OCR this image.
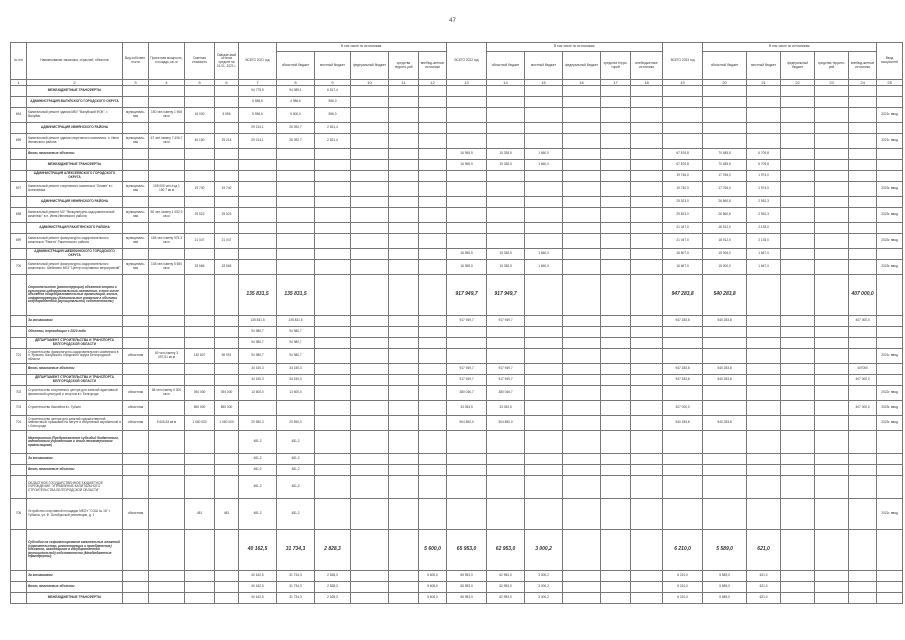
47
№ п/п	Наименование заказчика, отраслей, объектов	Вид собствен-ности	Проектная мощность, площадь, кв. м	Сметная стоимость	Ожидае-мый остаток средств на 01.01. 2021 г.	ВСЕГО 2021 год	В том числе по источникам:					ВСЕГО 2022 год	В том числе по источникам:					ВСЕГО 2023 год	В том числе по источникам:					Ввод мощностей
							областной бюджет	местный бюджет	федеральный бюджет	средства террито-рий	внебюд-жетные источники		областной бюджет	местный бюджет	федеральный бюджет	средства терри-торий	внебюджетные источники		областной бюджет	местный бюджет	федеральный бюджет	средства террито-рий	внебюд-жетные источники	
1	2	3	4	5	6	7	8	9	10	11	12	13	14	15	16	17	18	19	20	21	22	23	24	25
	МЕЖБЮДЖЕТНЫЕ ТРАНСФЕРТЫ					94 775,5	94 089,1	6 517,4																
	АДМИНИСТРАЦИЯ ВАЛУЙСКОГО ГОРОДСКОГО ОКРУГА					5 556,6	4 986,6	556,0																
694	Капитальный ремонт здания МБУ "Валуйский ФОК", г. Валуйки	муниципаль-ная	150 чел./смену 1 908 кв.м	16 000	5 556	5 556,6	5 000,0	556,0																2021г. ввод
	АДМИНИСТРАЦИЯ ИВНЯНСКОГО РАЙОНА					29 214,1	26 392,7	2 821,4																
695	Капитальный ремонт здания спортивного комплекса, п. Ивня Ивнянского района	муниципаль-ная	67 чел./смену 7 406,7 кв.м	40 150	29 214	29 214,1	26 392,7	2 821,4																2021г. ввод
	Вновь начинаемые объекты											16 955,5	15 338,5	1 660,0				67 876,8	70 485,5	6 709,8				
	МЕЖБЮДЖЕТНЫЕ ТРАНСФЕРТЫ											16 955,0	15 338,5	1 660,0				67 876,8	70 485,5	6 709,8				
	АДМИНИСТРАЦИЯ АЛЕКСЕЕВСКОГО ГОРОДСКОГО ОКРУГА																	19 746,0	17 766,0	1 974,0				
697	Капитальный ремонт спортивного комплекса "Олимп" в г. Алексеевка	муниципаль-ная	108 000 чел./год 1 150,7 кв.м	19 740	19 740													19 740,0	17 766,0	1 974,0				2023г. ввод
	АДМИНИСТРАЦИЯ ИВНЯНСКОГО РАЙОНА																	29 523,0	26 560,8	2 952,3				
698	Капитальный ремонт МУ "Физкультурно-оздоровительный комплекс" в п. Ивня Ивнянского района	муниципаль-ная	50 чел./смену 1 052,9 кв.м	29 523	29 523													29 523,0	26 560,8	2 952,3				2023г. ввод
	АДМИНИСТРАЦИЯ РАКИТЯНСКОГО РАЙОНА																	21 047,0	18 912,0	2 135,0				
699	Капитальный ремонт физкультурно-оздоровительного комплекса "Ракета" Ракитянского района	муниципаль-ная	165 чел./смену 975,3 кв.м	21 047	21 047													21 047,0	18 912,0	2 135,0				2023г. ввод
	АДМИНИСТРАЦИЯ ШЕБЕКИНСКОГО ГОРОДСКОГО ОКРУГА											16 955,5	15 338,5	1 660,0				16 807,0	15 006,0	1 667,0				
700	Капитальный ремонт физкультурно-оздоровительного комплекса г. Шебекино МБУ "Центр спортивных мероприятий"	муниципаль-ная	108 чел./смену 5 650 кв.м	33 666	33 666							16 955,0	15 338,5	1 660,0				16 667,0	15 000,0	1 667,0				2023г. ввод
	Строительство (реконструкция) объектов спорта и культурно-оздоровительного назначения, в том числе объектов общеобразовательных организаций, жилых, инфраструктуры (Капитальные вложения в объекты государственной (муниципальной) собственности)					135 831,5	135 831,5					917 949,7	917 949,7					947 283,8	540 283,8				407 000,0	
	За госзаказами					135 831,5	135 831,5					917 949,7	917 949,7					947 283,8	540 283,8				407 000,0	
	Объекты, переходящие с 2020 года					94 980,7	94 980,7																	
	ДЕПАРТАМЕНТ СТРОИТЕЛЬСТВА И ТРАНСПОРТА БЕЛГОРОДСКОЙ ОБЛАСТИ					94 980,7	94 980,7																	
701	Строительство физкультурно-оздоровительного комплекса в п. Уразово, Валуйского городского округа Белгородской области	областная	60 чел./смену 3 097,51 кв.м	130 807	96 991	94 980,7	94 980,7																	2021г. ввод
	Вновь начинаемые объекты					34 150,3	34 150,3					917 949,7	917 949,7					947 283,8	540 283,8				407000	
	ДЕПАРТАМЕНТ СТРОИТЕЛЬСТВА И ТРАНСПОРТА БЕЛГОРОДСКОЙ ОБЛАСТИ					34 150,3	34 150,3					917 949,7	917 949,7					947 283,8	540 283,8				407 000,0	
702	Строительство спортивного центра для занятий адаптивной физической культурой и спортом в г. Белгороде	областная	68 чел./смену 5 300 кв.м	394 000	394 000	13 600,0	13 600,0					380 046,7	380 046,7											2022г. ввод
703	Строительство бассейна в г. Губкин	областная		850 000	850 000							33 053,5	33 053,5					407 000,0					407 000,0	2023г. ввод
704	Строительство центра для занятий художественной гимнастикой, прыжками на батуте и спортивной акробатикой в г. Белгороде	областная	5 606,63 кв.м	1 060 000	1 060 000	20 550,3	20 550,3					504 850,0	504 850,0					540 283,8	540 283,8					2023г. ввод
	Мероприятия (Предоставление субсидий бюджетным, автономным учреждениям и иным некоммерческим организациям)					481,2	481,2																	
	За госзаказами					481,2	481,2																	
	Вновь начинаемые объекты					481,2	481,2																	
	ОБЛАСТНОЕ ГОСУДАРСТВЕННОЕ БЮДЖЕТНОЕ УЧРЕЖДЕНИЕ "УПРАВЛЕНИЕ КАПИТАЛЬНОГО СТРОИТЕЛЬСТВА БЕЛГОРОДСКОЙ ОБЛАСТИ"					481,2	481,2																	
705	Устройство спортивной площадки МБОУ "СОШ № 16" г. Губкина, ул. Ф. Октябрьской революции, д. 1	областная		481	481	481,2	481,2																	2021г. ввод
	Субсидии на софинансирование капитальных вложений (строительство, реконструкция и приобретение) объектов, находящихся в государственной (муниципальной) собственности (Межбюджетные трансферты)					40 162,5	31 734,3	2 828,3			5 600,0	65 953,0	62 953,0	3 000,2				6 210,0	5 589,0	621,0				
	За госзаказами					40 162,5	31 734,3	2 828,3			5 600,0	65 953,0	62 953,0	3 000,2				6 210,0	5 589,0	621,0				
	Вновь начинаемые объекты					40 162,5	31 734,3	2 828,3			5 600,0	65 953,0	62 953,0	3 000,2				6 210,0	5 589,0	621,0				
	МЕЖБЮДЖЕТНЫЕ ТРАНСФЕРТЫ					40 162,5	31 734,3	2 828,3			5 600,0	65 953,0	62 953,0	3 000,2				6 210,0	5 589,0	621,0				
